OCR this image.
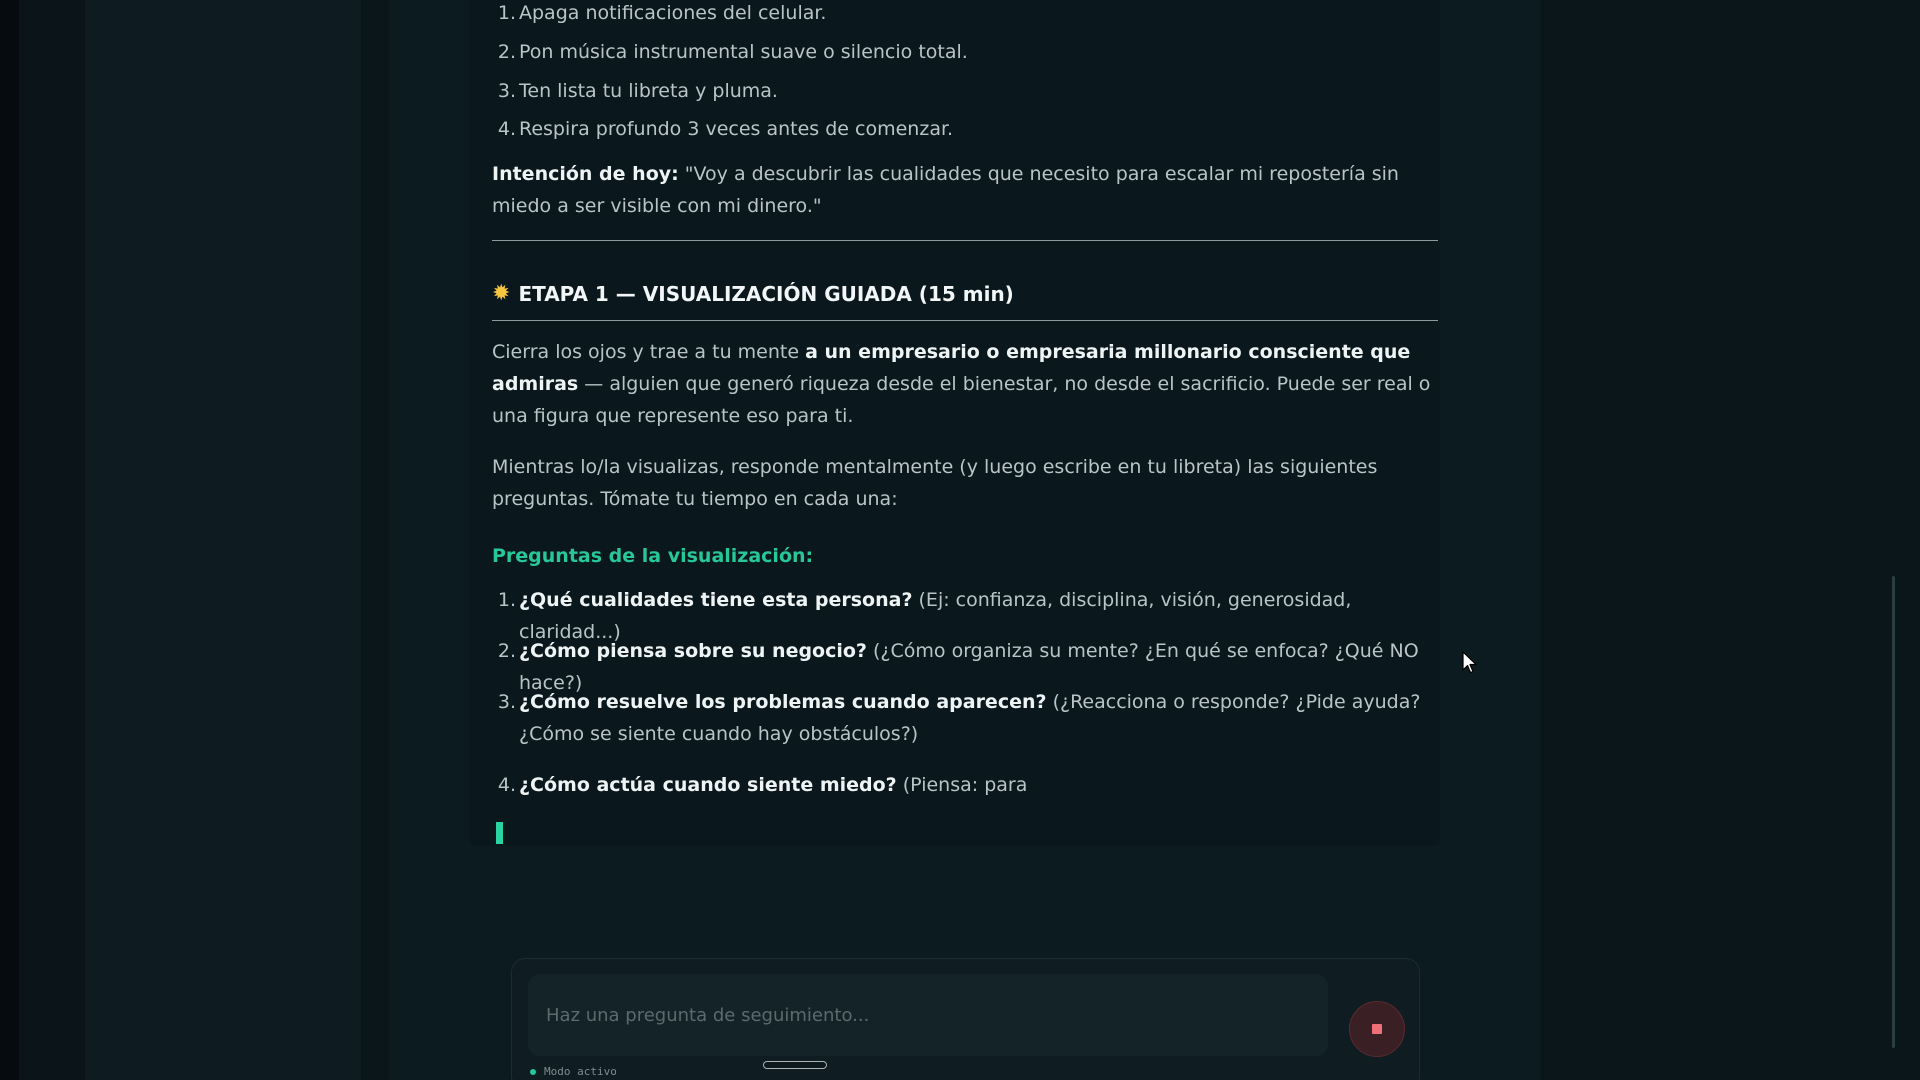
1. Apaga notificaciones del celular.
2. Pon música instrumental suave o silencio total.
3. Ten lista tu libreta y pluma.
4. Respira profundo 3 veces antes de comenzar.
Intención de hoy: "Voy a descubrir las cualidades que necesito para escalar mi repostería sin miedo a ser visible con mi dinero."
✹ ETAPA 1 — VISUALIZACIÓN GUIADA (15 min)
Cierra los ojos y trae a tu mente a un empresario o empresaria millonario consciente que admiras — alguien que generó riqueza desde el bienestar, no desde el sacrificio. Puede ser real o una figura que represente eso para ti.
Mientras lo/la visualizas, responde mentalmente (y luego escribe en tu libreta) las siguientes preguntas. Tómate tu tiempo en cada una:
Preguntas de la visualización:
1. ¿Qué cualidades tiene esta persona? (Ej: confianza, disciplina, visión, generosidad, claridad...)
2. ¿Cómo piensa sobre su negocio? (¿Cómo organiza su mente? ¿En qué se enfoca? ¿Qué NO hace?)
3. ¿Cómo resuelve los problemas cuando aparecen? (¿Reacciona o responde? ¿Pide ayuda? ¿Cómo se siente cuando hay obstáculos?)
4. ¿Cómo actúa cuando siente miedo? (Piensa: para
Haz una pregunta de seguimiento...
Modo activo
